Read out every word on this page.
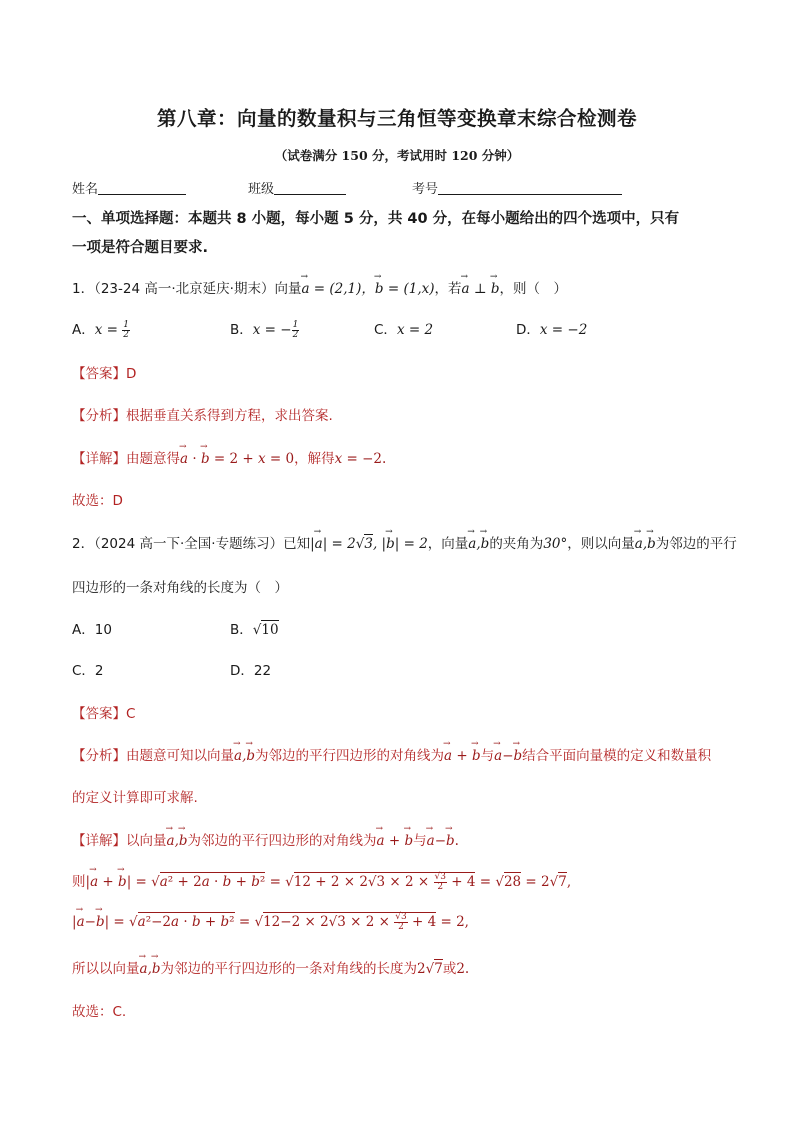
第八章：向量的数量积与三角恒等变换章末综合检测卷
（试卷满分 150 分，考试用时 120 分钟）
姓名	班级	考号
一、单项选择题：本题共 8 小题，每小题 5 分，共 40 分，在每小题给出的四个选项中，只有
一项是符合题目要求.
1．（23-24 高一·北京延庆·期末）向量→ a = (2,1)，→ b = (1,x)，若→ a ⊥ → b，则（　）
A．$x = \frac{1}{2}$	B．x = − $\frac{1}{2}$	C．x = 2	D．x = −2
【答案】D
【分析】根据垂直关系得到方程，求出答案.
【详解】由题意得→ a · → b = 2 + x = 0，解得x = −2.
故选：D
2．（2024 高一下·全国·专题练习）已知|→ a| = 2√3, |→ b| = 2，向量→ a,→ b的夹角为30°，则以向量→ a,→ b为邻边的平行
四边形的一条对角线的长度为（　）
A．10	B．√10
C．2	D．22
【答案】C
【分析】由题意可知以向量→ a,→ b为邻边的平行四边形的对角线为→ a + → b与→ a−→ b结合平面向量模的定义和数量积
的定义计算即可求解.
【详解】以向量→ a,→ b为邻边的平行四边形的对角线为→ a + → b与→ a−→ b.
则|→ a + → $b| = √a^2 + 2a \cdot b + b^2 = √12 + 2 \times 2√3 \times 2 \times \frac{√3}{2} + 4 = √28 = 2√7$,
|→ $a-\to b| = √a^2-2a \cdot b + b^2 = √12-2 \times 2√3 \times 2 \times \frac{√3}{2} + 4 = 2$,
所以以向量→ a,→ b为邻边的平行四边形的一条对角线的长度为2√7或2.
故选：C.
